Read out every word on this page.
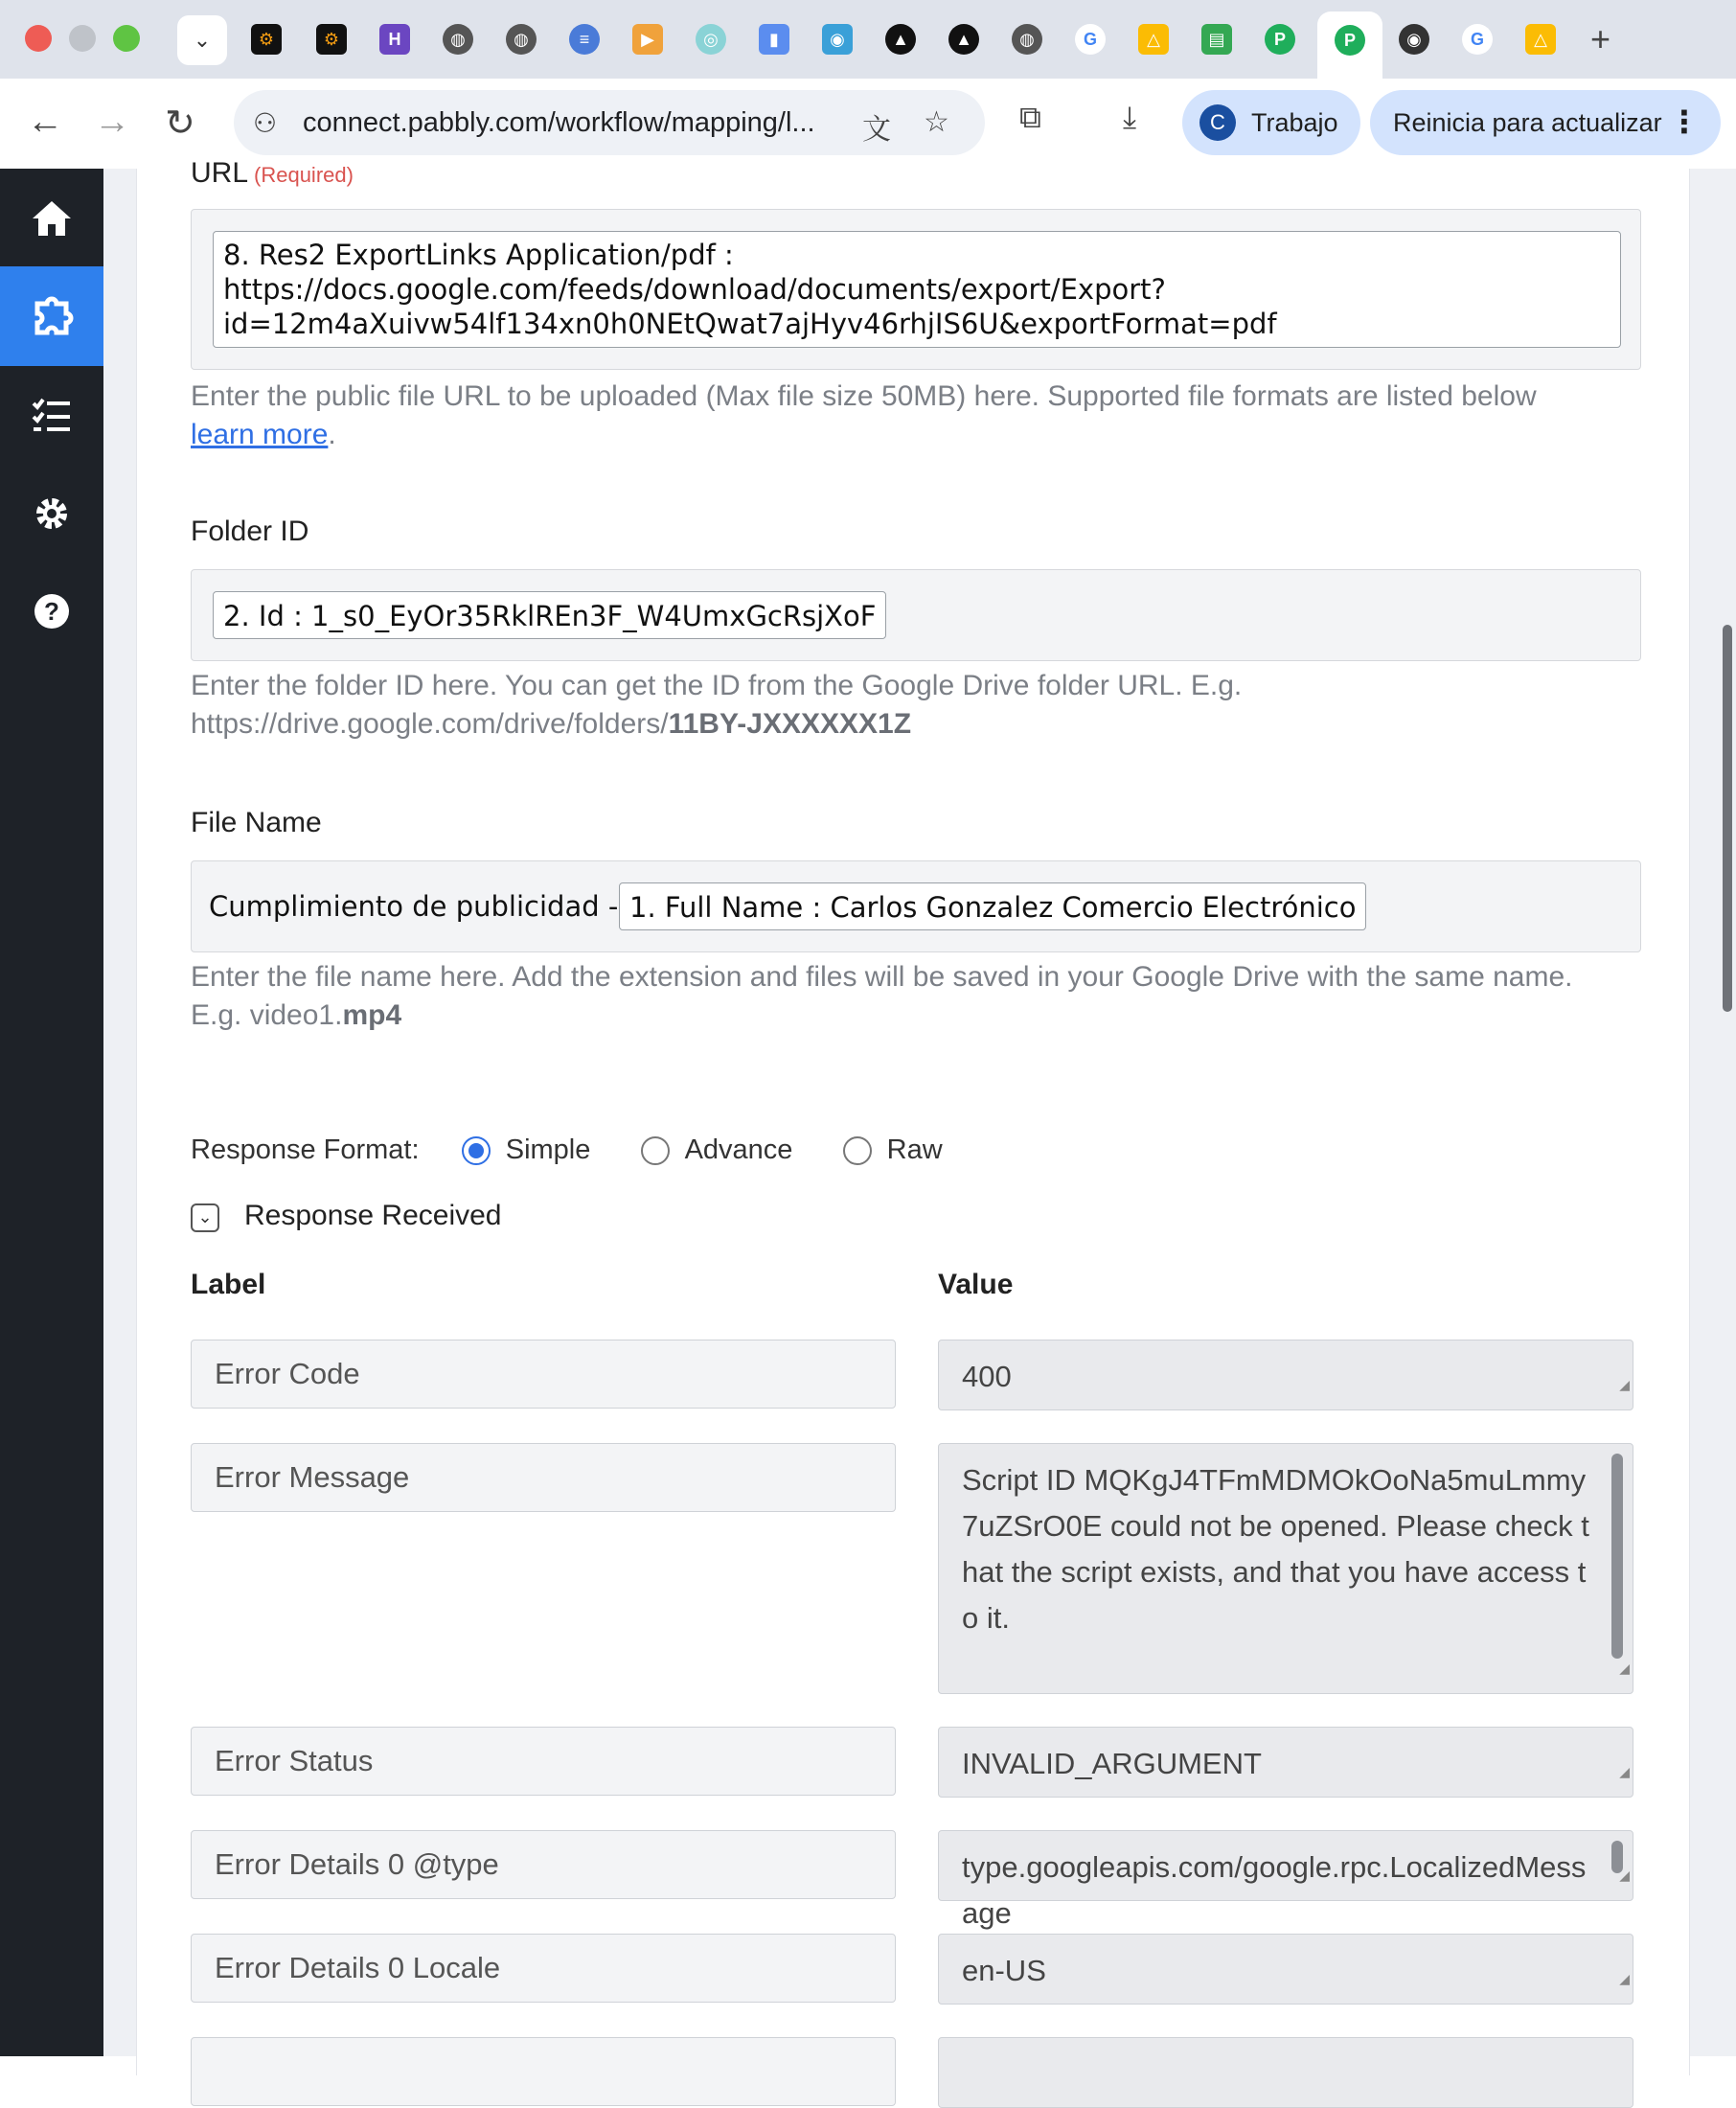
⌄	⚙	⚙	H	◍	◍	≡	▶	◎	▮	◉	▲	▲	◍	G	△	▤	P	P	◉	G	△ +
← → ↻ ⚇ connect.pabbly.com/workflow/mapping/l... 文 ☆ ⧉	⤓	C	Trabajo Reinicia para actualizar ⋮
?
URL (Required)
8. Res2 ExportLinks Application/pdf :
https://docs.google.com/feeds/download/documents/export/Export?
id=12m4aXuivw54lf134xn0h0NEtQwat7ajHyv46rhjIS6U&exportFormat=pdf
Enter the public file URL to be uploaded (Max file size 50MB) here. Supported file formats are listed below
learn more.
Folder ID
2. Id : 1_s0_EyOr35RklREn3F_W4UmxGcRsjXoF
Enter the folder ID here. You can get the ID from the Google Drive folder URL. E.g.
https://drive.google.com/drive/folders/11BY-JXXXXXX1Z
File Name
Cumplimiento de publicidad - 1. Full Name : Carlos Gonzalez Comercio Electrónico
Enter the file name here. Add the extension and files will be saved in your Google Drive with the same name.
E.g. video1.mp4
Response Format:	Simple	Advance	Raw
⌄ Response Received
Label	Value
Error Code	400	◢
Error Message	Script ID MQKgJ4TFmMDMOkOoNa5muLmmy7uZSrO0E could not be opened. Please check that the script exists, and that you have access to it.
◢
Error Status	INVALID_ARGUMENT	◢
Error Details 0 @type	type.googleapis.com/google.rpc.LocalizedMessage
◢
Error Details 0 Locale	en-US	◢
